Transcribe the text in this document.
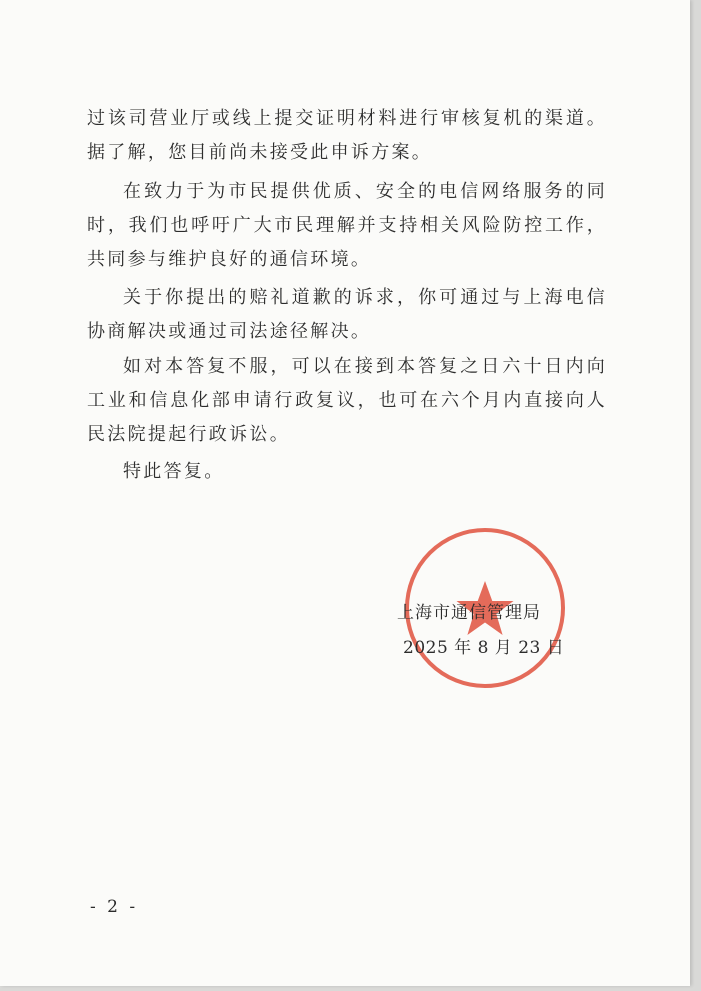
过该司营业厅或线上提交证明材料进行审核复机的渠道。据了解，您目前尚未接受此申诉方案。

在致力于为市民提供优质、安全的电信网络服务的同时，我们也呼吁广大市民理解并支持相关风险防控工作，共同参与维护良好的通信环境。

关于你提出的赔礼道歉的诉求，你可通过与上海电信协商解决或通过司法途径解决。

如对本答复不服，可以在接到本答复之日六十日内向工业和信息化部申请行政复议，也可在六个月内直接向人民法院提起行政诉讼。

特此答复。

上海市通信管理局

2025 年 8 月 23 日

- 2 -
